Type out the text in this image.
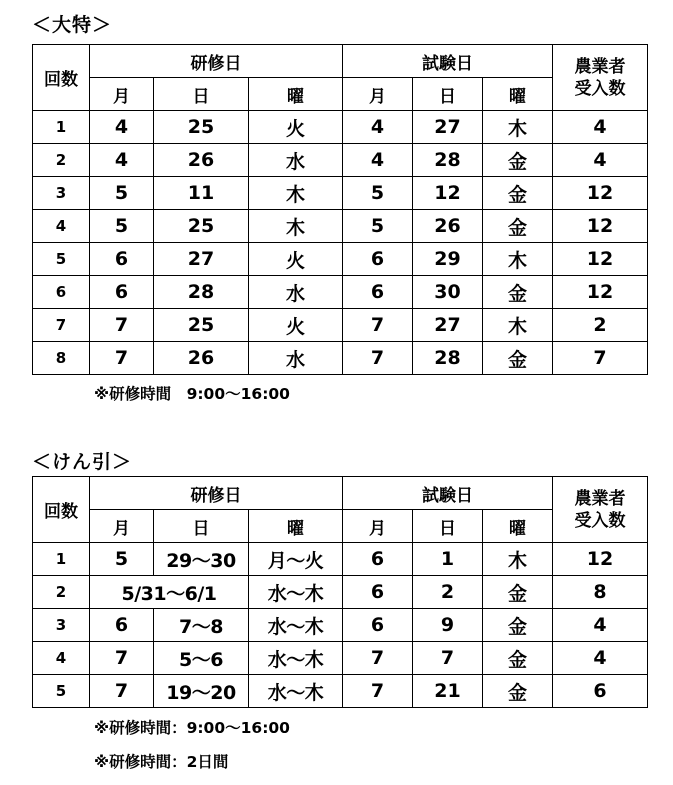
＜大特＞
回数	研修日			試験日			農業者
受入数

	月	日	曜	月	日	曜	
1	4	25	火	4	27	木	4
2	4	26	水	4	28	金	4
3	5	11	木	5	12	金	12
4	5	25	木	5	26	金	12
5	6	27	火	6	29	木	12
6	6	28	水	6	30	金	12
7	7	25	火	7	27	木	2
8	7	26	水	7	28	金	7
※研修時間　9:00～16:00
＜けん引＞
回数	研修日			試験日			農業者
受入数

	月	日	曜	月	日	曜	
1	5	29～30	月～火	6	1	木	12
2	5/31～6/1		水～木	6	2	金	8
3	6	7～8	水～木	6	9	金	4
4	7	5～6	水～木	7	7	金	4
5	7	19～20	水～木	7	21	金	6
※研修時間：9:00～16:00
※研修時間：2日間
